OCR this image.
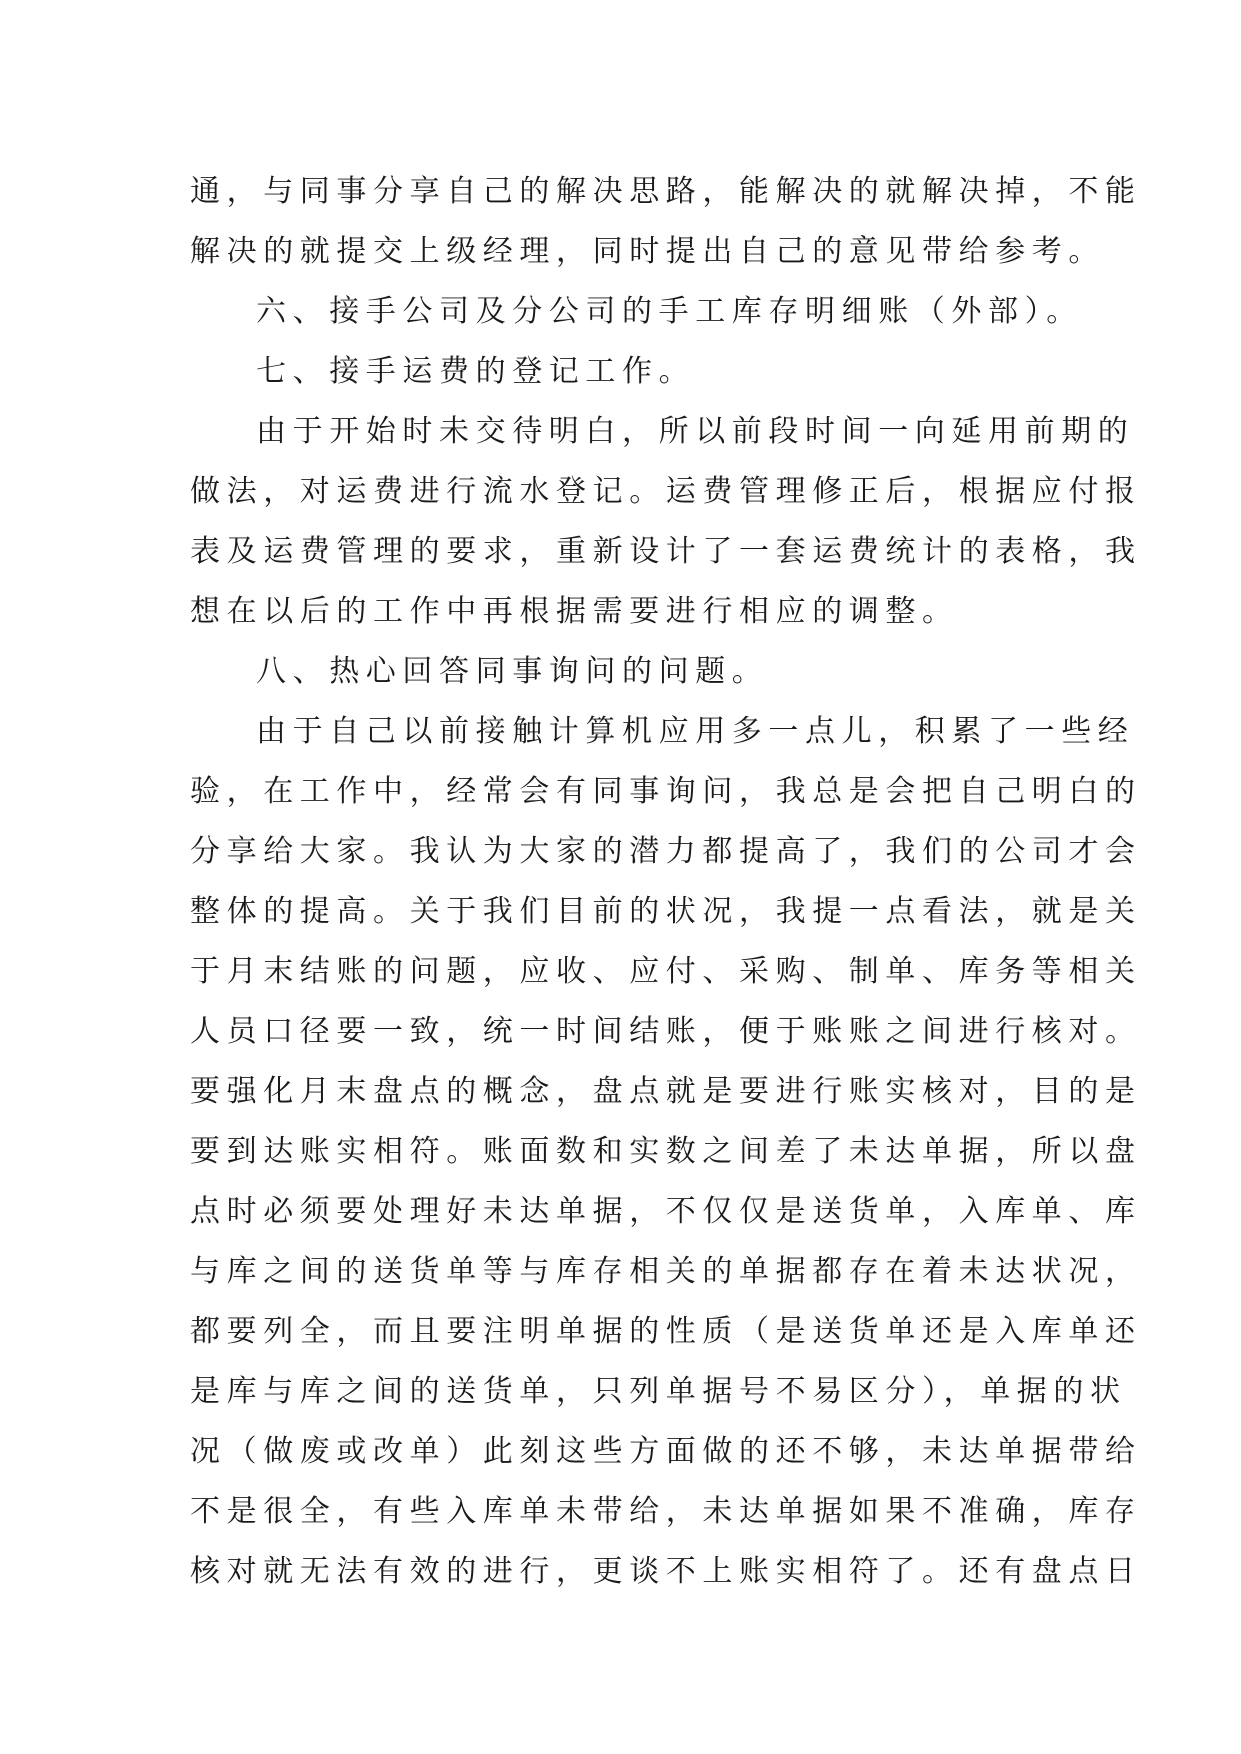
通，与同事分享自己的解决思路，能解决的就解决掉，不能
解决的就提交上级经理，同时提出自己的意见带给参考。
六、接手公司及分公司的手工库存明细账（外部）。
七、接手运费的登记工作。
由于开始时未交待明白，所以前段时间一向延用前期的
做法，对运费进行流水登记。运费管理修正后，根据应付报
表及运费管理的要求，重新设计了一套运费统计的表格，我
想在以后的工作中再根据需要进行相应的调整。
八、热心回答同事询问的问题。
由于自己以前接触计算机应用多一点儿，积累了一些经
验，在工作中，经常会有同事询问，我总是会把自己明白的
分享给大家。我认为大家的潜力都提高了，我们的公司才会
整体的提高。关于我们目前的状况，我提一点看法，就是关
于月末结账的问题，应收、应付、采购、制单、库务等相关
人员口径要一致，统一时间结账，便于账账之间进行核对。
要强化月末盘点的概念，盘点就是要进行账实核对，目的是
要到达账实相符。账面数和实数之间差了未达单据，所以盘
点时必须要处理好未达单据，不仅仅是送货单，入库单、库
与库之间的送货单等与库存相关的单据都存在着未达状况，
都要列全，而且要注明单据的性质（是送货单还是入库单还
是库与库之间的送货单，只列单据号不易区分），单据的状
况（做废或改单）此刻这些方面做的还不够，未达单据带给
不是很全，有些入库单未带给，未达单据如果不准确，库存
核对就无法有效的进行，更谈不上账实相符了。还有盘点日
